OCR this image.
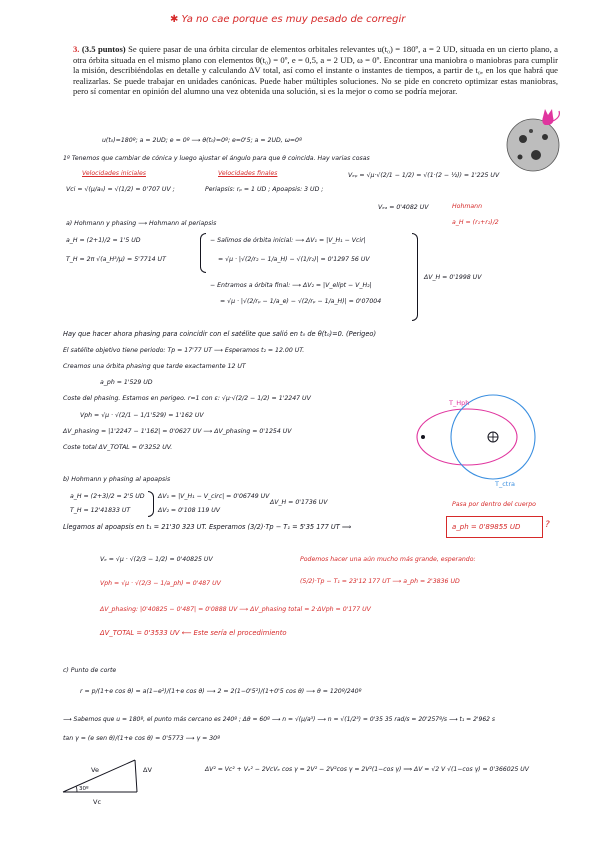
✱ Ya no cae porque es muy pesado de corregir
3. (3.5 puntos) Se quiere pasar de una órbita circular de elementos orbitales relevantes u(t₀) = 180º, a = 2 UD, situada en un cierto plano, a otra órbita situada en el mismo plano con elementos θ(t₀) = 0º, e = 0,5, a = 2 UD, ω = 0º. Encontrar una maniobra o maniobras para cumplir la misión, describiéndolas en detalle y calculando ΔV total, así como el instante o instantes de tiempos, a partir de t₀, en los que habrá que realizarlas. Se puede trabajar en unidades canónicas. Puede haber múltiples soluciones. No se pide en concreto optimizar estas maniobras, pero sí comentar en opinión del alumno una vez obtenida una solución, si es la mejor o como se podría mejorar.
u(t₀)=180º; a = 2UD; e = 0º ⟶ θ(t₀)=0º; e=0'5; a = 2UD, ω=0º
1º Tenemos que cambiar de cónica y luego ajustar el ángulo para que θ coincida. Hay varias cosas
Velocidades iniciales	Velocidades finales
Vci = √(μ/a₀) = √(1/2) = 0'707 UV ;	Periapsis: rₚ = 1 UD ; Apoapsis: 3 UD ;
Vₑₚ = √μ·√(2/1 − 1/2) = √(1·(2 − ½)) = 1'225 UV
Vₑₐ = 0'4082 UV	Hohmann
a_H = (r₁+r₂)/2
a) Hohmann y phasing ⟶ Hohmann al periapsis
a_H = (2+1)/2 = 1'5 UD	− Salimos de órbita inicial: ⟶ ΔV₁ = |V_H₁ − Vcir|
T_H = 2π √(a_H³/μ) = 5'7714 UT	= √μ · |√(2/r₂ − 1/a_H) − √(1/r₂)| = 0'1297 56 UV
− Entramos a órbita final: ⟶ ΔV₂ = |V_elípt − V_H₂|
= √μ · |√(2/rₚ − 1/a_e) − √(2/rₚ − 1/a_H)| = 0'07004
ΔV_H = 0'1998 UV
Hay que hacer ahora phasing para coincidir con el satélite que salió en t₀ de θ(t₀)=0. (Perigeo)
El satélite objetivo tiene periodo: Tp = 17'77 UT ⟶ Esperamos t₂ = 12.00 UT.
Creamos una órbita phasing que tarde exactamente 12 UT
a_ph = 1'529 UD
Coste del phasing. Estamos en perigeo. r=1 con ε: √μ·√(2/2 − 1/2) = 1'2247 UV
Vph = √μ · √(2/1 − 1/1'529) = 1'162 UV
ΔV_phasing = |1'2247 − 1'162| = 0'0627 UV ⟶ ΔV_phasing = 0'1254 UV
Coste total ΔV_TOTAL = 0'3252 UV.
T_Hph
T_ctra
b) Hohmann y phasing al apoapsis
a_H = (2+3)/2 = 2'5 UD ΔV₁ = |V_H₁ − V_circ| = 0'06749 UV
ΔV_H = 0'1736 UV
T_H = 12'41833 UT	ΔV₂ = 0'108 119 UV
Pasa por dentro del cuerpo
Llegamos al apoapsis en t₁ = 21'30 323 UT. Esperamos (3/2)·Tp − T₁ = 5'35 177 UT ⟹	a_ph = 0'89855 UD	?
Vₑ = √μ · √(2/3 − 1/2) = 0'40825 UV	Podemos hacer una aún mucho más grande, esperando:
Vph = √μ · √(2/3 − 1/a_ph) = 0'487 UV	(5/2)·Tp − T₁ = 23'12 177 UT ⟶ a_ph = 2'3836 UD
ΔV_phasing: |0'40825 − 0'487| = 0'0888 UV ⟶ ΔV_phasing total = 2·ΔVph = 0'177 UV
ΔV_TOTAL = 0'3533 UV ⟵ Este sería el procedimiento
c) Punto de corte
r = p/(1+e cos θ) = a(1−e²)/(1+e cos θ) ⟶ 2 = 2(1−0'5²)/(1+0'5 cos θ) ⟶ θ = 120º/240º
⟶ Sabemos que u = 180º, el punto más cercano es 240º ; Δθ = 60º ⟶ n = √(μ/a³) ⟶ n = √(1/2³) = 0'35 35 rad/s = 20'257º/s ⟶ t₁ = 2'962 s
tan γ = (e sen θ)/(1+e cos θ) = 0'5773 ⟶ γ = 30º
Vc
Ve	ΔV
30º
ΔV² = Vc² + Vₑ² − 2VcVₑ cos γ = 2V² − 2V²cos γ = 2V²(1−cos γ) ⟹ ΔV = √2 V √(1−cos γ) = 0'366025 UV
